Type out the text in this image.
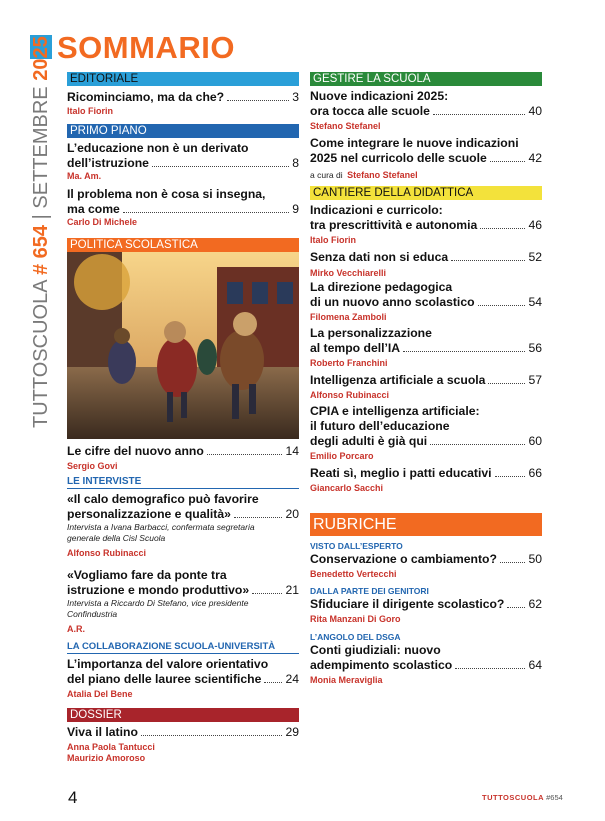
SOMMARIO
TUTTOSCUOLA # 654 | SETTEMBRE 2025 EDITORIALE
Ricominciamo, ma da che?	3
Italo Fiorin
PRIMO PIANO
L’educazione non è un derivato
dell’istruzione	8
Ma. Am.
Il problema non è cosa si insegna,
ma come	9
Carlo Di Michele
POLITICA SCOLASTICA
Le cifre del nuovo anno	14
Sergio Govi
LE INTERVISTE
«Il calo demografico può favorire
personalizzazione e qualità»	20
Intervista a Ivana Barbacci, confermata segretaria
generale della Cisl Scuola
Alfonso Rubinacci
«Vogliamo fare da ponte tra
istruzione e mondo produttivo»	21
Intervista a Riccardo Di Stefano, vice presidente
Confindustria
A.R.
LA COLLABORAZIONE SCUOLA-UNIVERSITÀ
L’importanza del valore orientativo
del piano delle lauree scientifiche 24
Atalia Del Bene
DOSSIER
Viva il latino	29
Anna Paola Tantucci
Maurizio Amoroso
GESTIRE LA SCUOLA
Nuove indicazioni 2025:
ora tocca alle scuole	40
Stefano Stefanel
Come integrare le nuove indicazioni
2025 nel curricolo delle scuole	42
a cura di Stefano Stefanel
CANTIERE DELLA DIDATTICA
Indicazioni e curricolo:
tra prescrittività e autonomia	46
Italo Fiorin
Senza dati non si educa	52
Mirko Vecchiarelli
La direzione pedagogica
di un nuovo anno scolastico	54
Filomena Zamboli
La personalizzazione
al tempo dell’IA	56
Roberto Franchini
Intelligenza artificiale a scuola	57
Alfonso Rubinacci
CPIA e intelligenza artificiale:
il futuro dell’educazione
degli adulti è già qui	60
Emilio Porcaro
Reati sì, meglio i patti educativi	66
Giancarlo Sacchi
RUBRICHE
VISTO DALL’ESPERTO
Conservazione o cambiamento?	50
Benedetto Vertecchi
DALLA PARTE DEI GENITORI
Sfiduciare il dirigente scolastico? 62
Rita Manzani Di Goro
L’ANGOLO DEL DSGA
Conti giudiziali: nuovo
adempimento scolastico	64
Monia Meraviglia
4	TUTTOSCUOLA #654
